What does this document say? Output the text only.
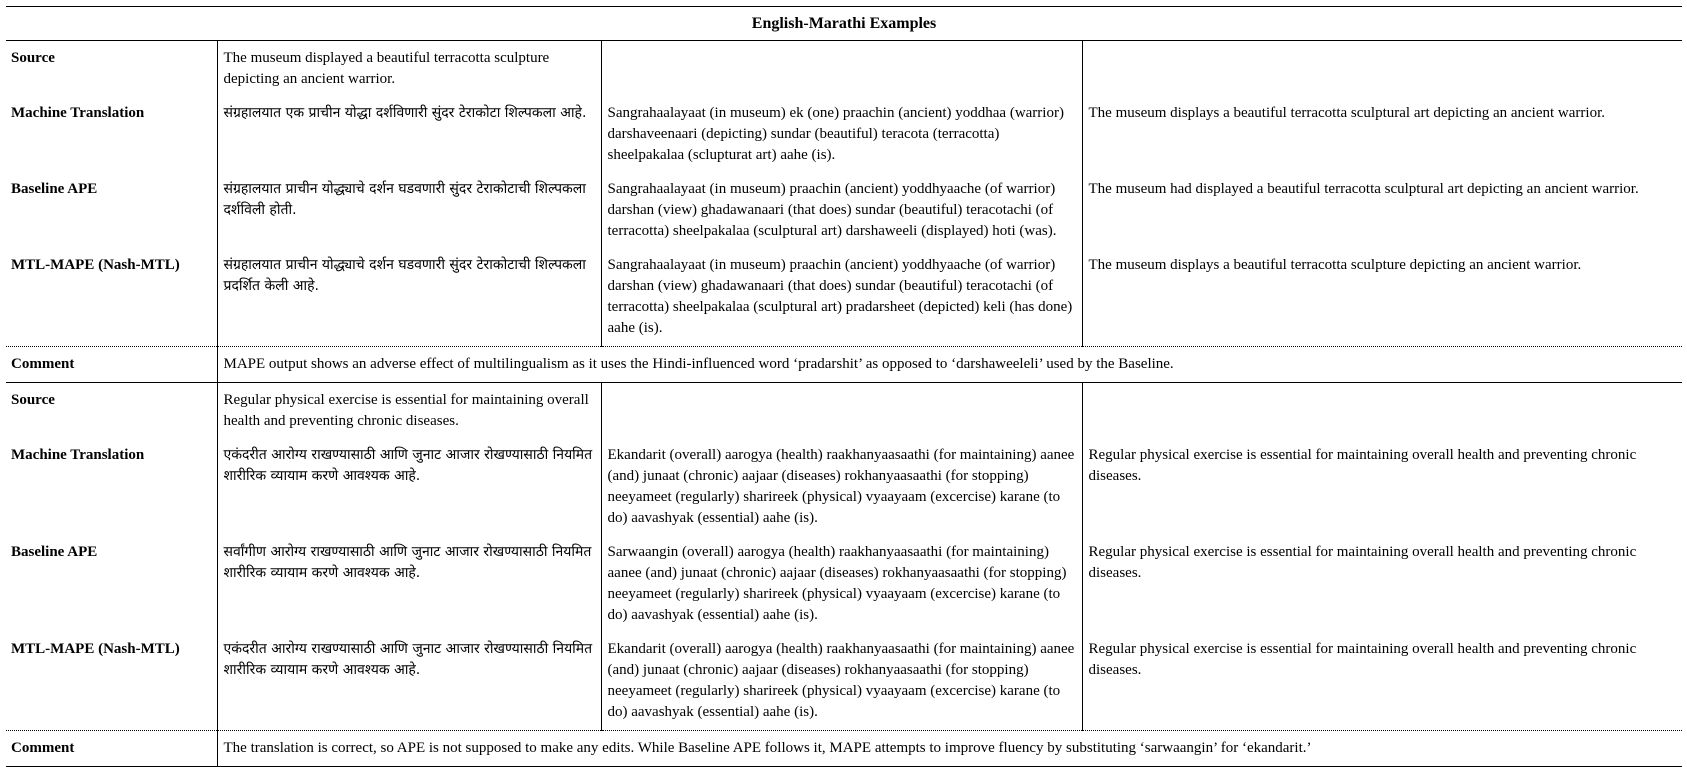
English-Marathi Examples			
Source	The museum displayed a beautiful terracotta sculpture depicting an ancient warrior.		
Machine Translation	संग्रहालयात एक प्राचीन योद्धा दर्शविणारी सुंदर टेराकोटा शिल्पकला आहे.	Sangrahaalayaat (in museum) ek (one) praachin (ancient) yoddhaa (warrior) darshaveenaari (depicting) sundar (beautiful) teracota (terracotta) sheelpakalaa (sclupturat art) aahe (is).	The museum displays a beautiful terracotta sculptural art depicting an ancient warrior.
Baseline APE	संग्रहालयात प्राचीन योद्ध्याचे दर्शन घडवणारी सुंदर टेराकोटाची शिल्पकला दर्शविली होती.	Sangrahaalayaat (in museum) praachin (ancient) yoddhyaache (of warrior) darshan (view) ghadawanaari (that does) sundar (beautiful) teracotachi (of terracotta) sheelpakalaa (sculptural art) darshaweeli (displayed) hoti (was).	The museum had displayed a beautiful terracotta sculptural art depicting an ancient warrior.
MTL-MAPE (Nash-MTL)	संग्रहालयात प्राचीन योद्ध्याचे दर्शन घडवणारी सुंदर टेराकोटाची शिल्पकला प्रदर्शित केली आहे.	Sangrahaalayaat (in museum) praachin (ancient) yoddhyaache (of warrior) darshan (view) ghadawanaari (that does) sundar (beautiful) teracotachi (of terracotta) sheelpakalaa (sculptural art) pradarsheet (depicted) keli (has done) aahe (is).	The museum displays a beautiful terracotta sculpture depicting an ancient warrior.
Comment	MAPE output shows an adverse effect of multilingualism as it uses the Hindi-influenced word ‘pradarshit’ as opposed to ‘darshaweeleli’ used by the Baseline.		
Source	Regular physical exercise is essential for maintaining overall health and preventing chronic diseases.		
Machine Translation	एकंदरीत आरोग्य राखण्यासाठी आणि जुनाट आजार रोखण्यासाठी नियमित शारीरिक व्यायाम करणे आवश्यक आहे.	Ekandarit (overall) aarogya (health) raakhanyaasaathi (for maintaining) aanee (and) junaat (chronic) aajaar (diseases) rokhanyaasaathi (for stopping) neeyameet (regularly) sharireek (physical) vyaayaam (excercise) karane (to do) aavashyak (essential) aahe (is).	Regular physical exercise is essential for maintaining overall health and preventing chronic diseases.
Baseline APE	सर्वांगीण आरोग्य राखण्यासाठी आणि जुनाट आजार रोखण्यासाठी नियमित शारीरिक व्यायाम करणे आवश्यक आहे.	Sarwaangin (overall) aarogya (health) raakhanyaasaathi (for maintaining) aanee (and) junaat (chronic) aajaar (diseases) rokhanyaasaathi (for stopping) neeyameet (regularly) sharireek (physical) vyaayaam (excercise) karane (to do) aavashyak (essential) aahe (is).	Regular physical exercise is essential for maintaining overall health and preventing chronic diseases.
MTL-MAPE (Nash-MTL)	एकंदरीत आरोग्य राखण्यासाठी आणि जुनाट आजार रोखण्यासाठी नियमित शारीरिक व्यायाम करणे आवश्यक आहे.	Ekandarit (overall) aarogya (health) raakhanyaasaathi (for maintaining) aanee (and) junaat (chronic) aajaar (diseases) rokhanyaasaathi (for stopping) neeyameet (regularly) sharireek (physical) vyaayaam (excercise) karane (to do) aavashyak (essential) aahe (is).	Regular physical exercise is essential for maintaining overall health and preventing chronic diseases.
Comment	The translation is correct, so APE is not supposed to make any edits. While Baseline APE follows it, MAPE attempts to improve fluency by substituting ‘sarwaangin’ for ‘ekandarit.’		
